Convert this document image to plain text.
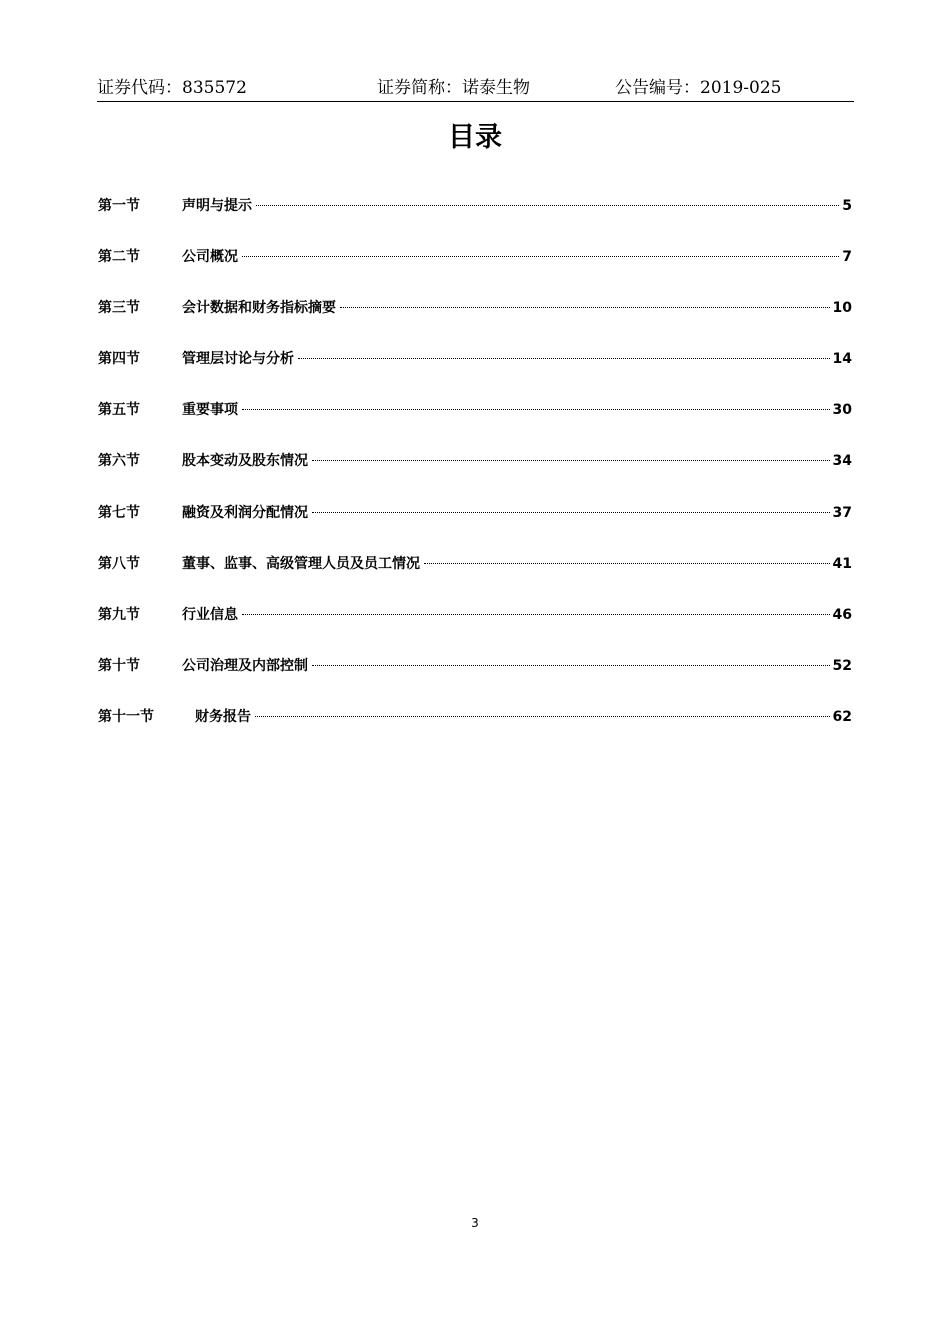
证券代码：835572	证券简称：诺泰生物	公告编号：2019-025
目录
第一节	声明与提示	5
第二节	公司概况	7
第三节	会计数据和财务指标摘要	10
第四节	管理层讨论与分析	14
第五节	重要事项	30
第六节	股本变动及股东情况	34
第七节	融资及利润分配情况	37
第八节	董事、监事、高级管理人员及员工情况	41
第九节	行业信息	46
第十节	公司治理及内部控制	52
第十一节	财务报告	62
3
